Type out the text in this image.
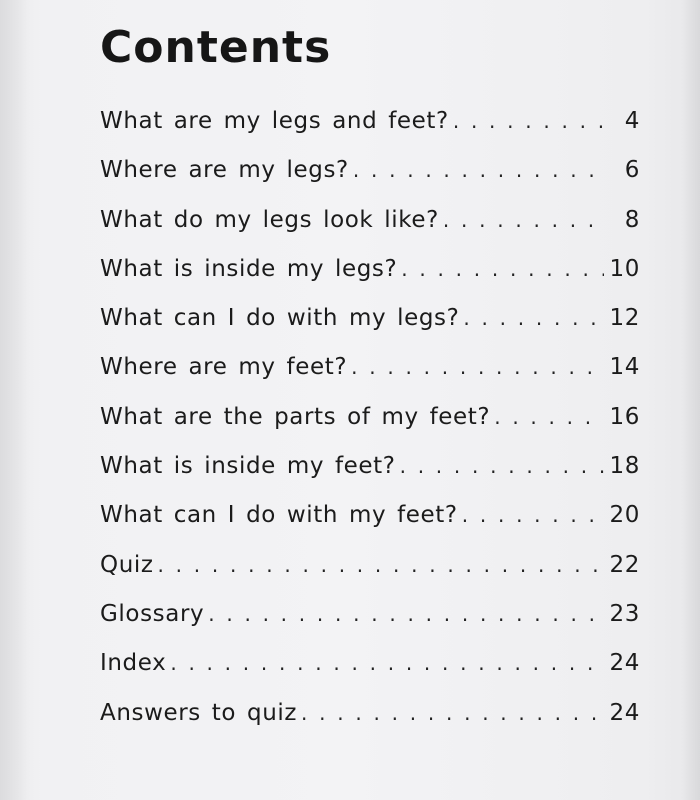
Contents
What are my legs and feet? . . .	4
Where are my legs? . . .	6
What do my legs look like? . . .	8
What is inside my legs? . . .	10
What can I do with my legs? . . .	12
Where are my feet? . . .	14
What are the parts of my feet? . . .	16
What is inside my feet? . . .	18
What can I do with my feet? . . .	20
Quiz . . .	22
Glossary . . .	23
Index . . .	24
Answers to quiz . . .	24
